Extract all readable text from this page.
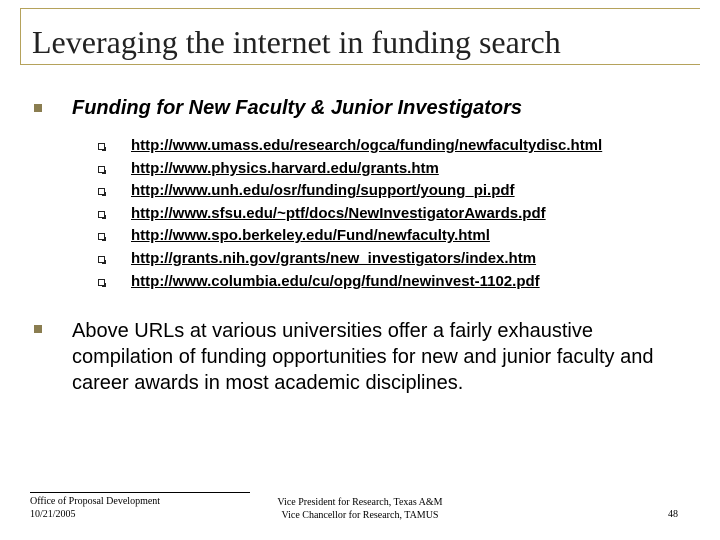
Leveraging the internet in funding search
Funding for New Faculty & Junior Investigators
http://www.umass.edu/research/ogca/funding/newfacultydisc.html
http://www.physics.harvard.edu/grants.htm
http://www.unh.edu/osr/funding/support/young_pi.pdf
http://www.sfsu.edu/~ptf/docs/NewInvestigatorAwards.pdf
http://www.spo.berkeley.edu/Fund/newfaculty.html
http://grants.nih.gov/grants/new_investigators/index.htm
http://www.columbia.edu/cu/opg/fund/newinvest-1102.pdf

Above URLs at various universities offer a fairly exhaustive compilation of funding opportunities for new and junior faculty and career awards in most academic disciplines.

Office of Proposal Development
10/21/2005
Vice President for Research, Texas A&M
Vice Chancellor for Research, TAMUS	48
